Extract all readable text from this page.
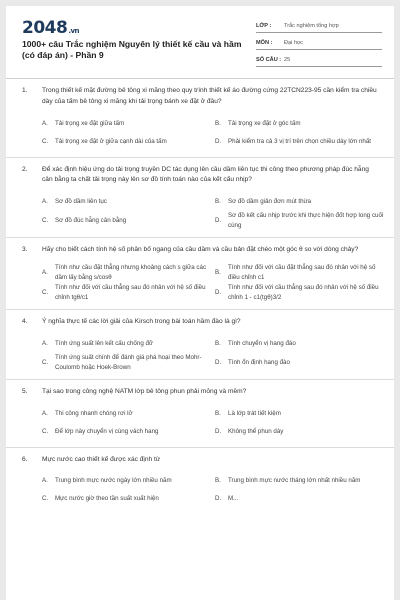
2048.vn
1000+ câu Trắc nghiệm Nguyên lý thiết kế cầu và hầm (có đáp án) - Phần 9
LỚP :	Trắc nghiệm tổng hợp
MÔN :	Đại học
SỐ CÂU : 25
1.	Trong thiết kế mặt đường bê tông xi măng theo quy trình thiết kế áo đường cứng 22TCN223-95 cần kiểm tra chiều dày của tấm bê tông xi măng khi tải trọng bánh xe đặt ở đâu?
A.	Tải trọng xe đặt giữa tấm	B.	Tải trọng xe đặt ở góc tấm
C.	Tải trọng xe đặt ở giữa cạnh dài của tấm	D.	Phải kiểm tra cả 3 vị trí trên chọn chiều dày lớn nhất
2.	Để xác định hiệu ứng do tải trọng truyền DC tác dụng lên cầu dầm liên tục thi công theo phương pháp đúc hẫng cân bằng ta chất tải trọng này lên sơ đồ tính toán nào của kết cấu nhịp?
A.	Sơ đồ dầm liên tục	B.	Sơ đồ dầm giản đơn mút thừa
C.	Sơ đồ đúc hẫng cân bằng	D.
Sơ đồ kết cấu nhịp trước khi thực hiện đốt hợp long cuối cùng
3.	Hãy cho biết cách tính hệ số phân bố ngang của cầu dầm và cầu bản đặt chéo một góc θ so với dòng chảy?
A.
Tính như cầu đặt thẳng nhưng khoảng cách s giữa các dầm lấy bằng s/cosθ
B.
Tính như đối với cầu đặt thẳng sau đó nhân với hệ số điều chỉnh c1
C.
Tính như đối với cầu thẳng sau đó nhân với hệ số điều chỉnh tgθ/c1
D.
Tính như đối với cầu thẳng sau đó nhân với hệ số điều chỉnh 1 - c1(tgθ)3/2
4.	Ý nghĩa thực tế các lời giải của Kirsch trong bài toán hầm đào là gì?
A.	Tính ứng suất lên kết cấu chống đỡ	B.	Tính chuyển vị hang đào
C.
Tính ứng suất chính để đánh giá phá hoại theo Mohr-Coulomb hoặc Hoek-Brown
D.	Tính ổn định hang đào
5.	Tại sao trong công nghệ NATM lớp bê tông phun phải mỏng và mềm?
A.	Thi công nhanh chóng rơi lở	B.	Là lớp trát tiết kiệm
C.	Để lớp này chuyển vị cùng vách hang	D.	Không thể phun dày
6.	Mực nước cao thiết kế được xác định từ
A.	Trung bình mực nước ngày lớn nhiều năm	B.	Trung bình mực nước tháng lớn nhất nhiều năm
C.	Mực nước giờ theo tần suất xuất hiện	D.	M...
